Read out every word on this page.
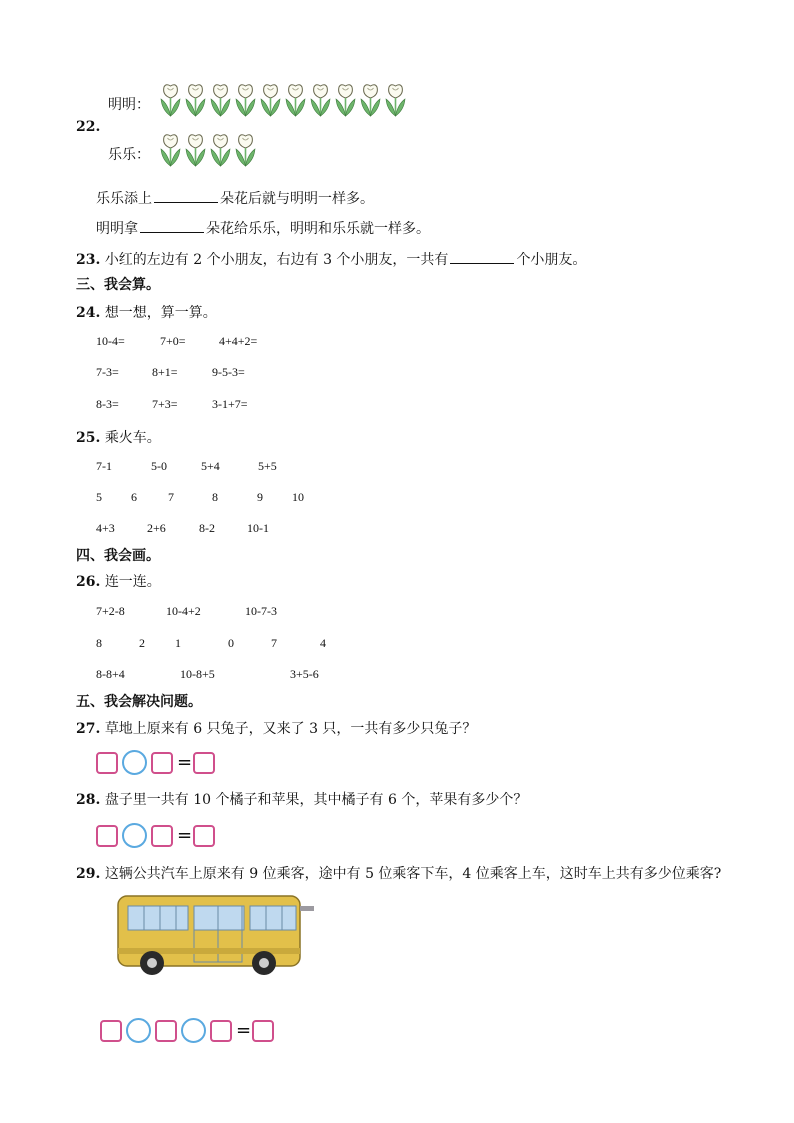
明明：
22.
乐乐：
乐乐添上	朵花后就与明明一样多。
明明拿	朵花给乐乐，明明和乐乐就一样多。
23. 小红的左边有 2 个小朋友，右边有 3 个小朋友，一共有	个小朋友。
三、我会算。
24. 想一想，算一算。
10-4=	7+0=	4+4+2=
7-3=	8+1=	9-5-3=
8-3=	7+3=	3-1+7=
25. 乘火车。
7-1	5-0	5+4	5+5
5 6	7	8	9 10
4+3	2+6	8-2	10-1
四、我会画。
26. 连一连。
7+2-8	10-4+2	10-7-3
8	2	1	0	7	4
8-8+4	10-8+5	3+5-6
五、我会解决问题。
27. 草地上原来有 6 只兔子，又来了 3 只，一共有多少只兔子？
=
28. 盘子里一共有 10 个橘子和苹果，其中橘子有 6 个，苹果有多少个？
=
29. 这辆公共汽车上原来有 9 位乘客，途中有 5 位乘客下车，4 位乘客上车，这时车上共有多少位乘客?
=
